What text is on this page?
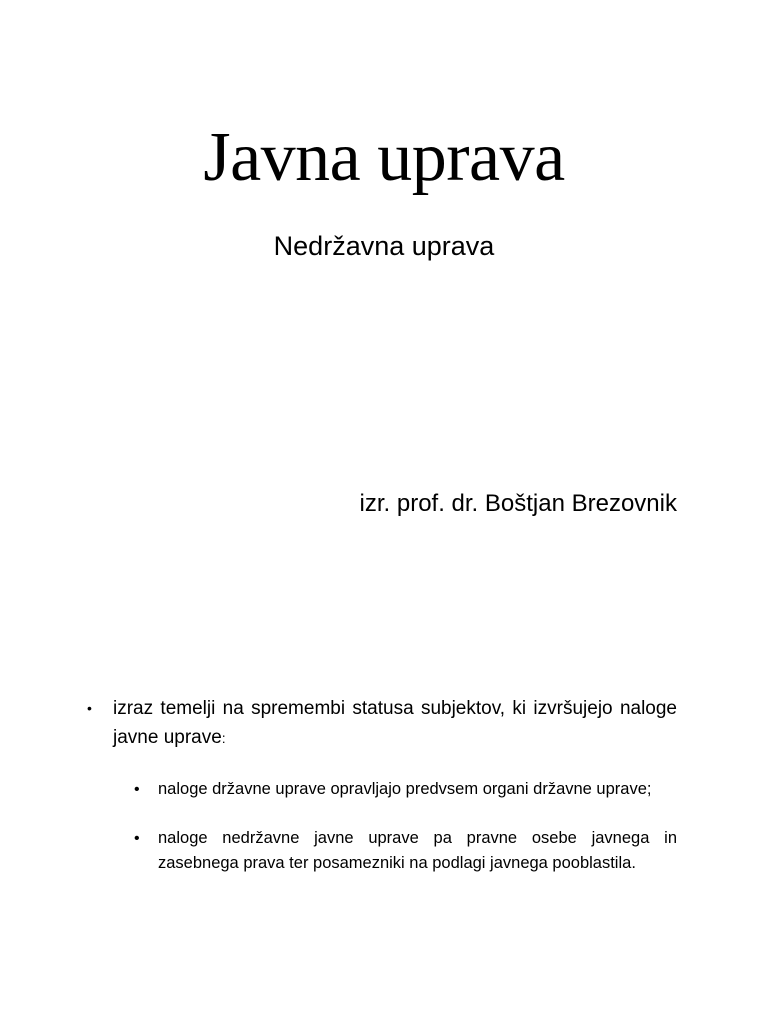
Javna uprava
Nedržavna uprava
izr. prof. dr. Boštjan Brezovnik
• izraz temelji na spremembi statusa subjektov, ki izvršujejo naloge javne uprave:
• naloge državne uprave opravljajo predvsem organi državne uprave;
• naloge nedržavne javne uprave pa pravne osebe javnega in zasebnega prava ter posamezniki na podlagi javnega pooblastila.
